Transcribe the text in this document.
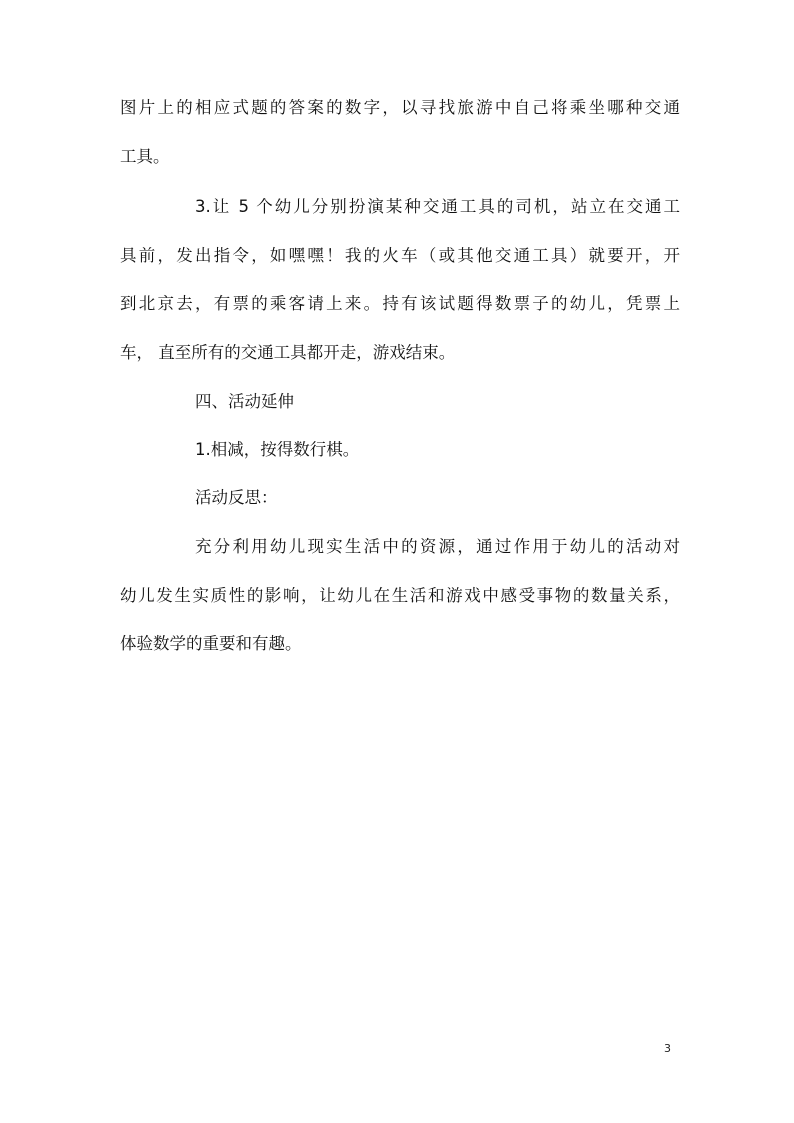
图片上的相应式题的答案的数字，以寻找旅游中自己将乘坐哪种交通
工具。
3.让 5 个幼儿分别扮演某种交通工具的司机，站立在交通工
具前，发出指令，如嘿嘿！我的火车（或其他交通工具）就要开，开
到北京去，有票的乘客请上来。持有该试题得数票子的幼儿，凭票上
车， 直至所有的交通工具都开走，游戏结束。
四、活动延伸
1.相减，按得数行棋。
活动反思：
充分利用幼儿现实生活中的资源，通过作用于幼儿的活动对
幼儿发生实质性的影响，让幼儿在生活和游戏中感受事物的数量关系，
体验数学的重要和有趣。
3
